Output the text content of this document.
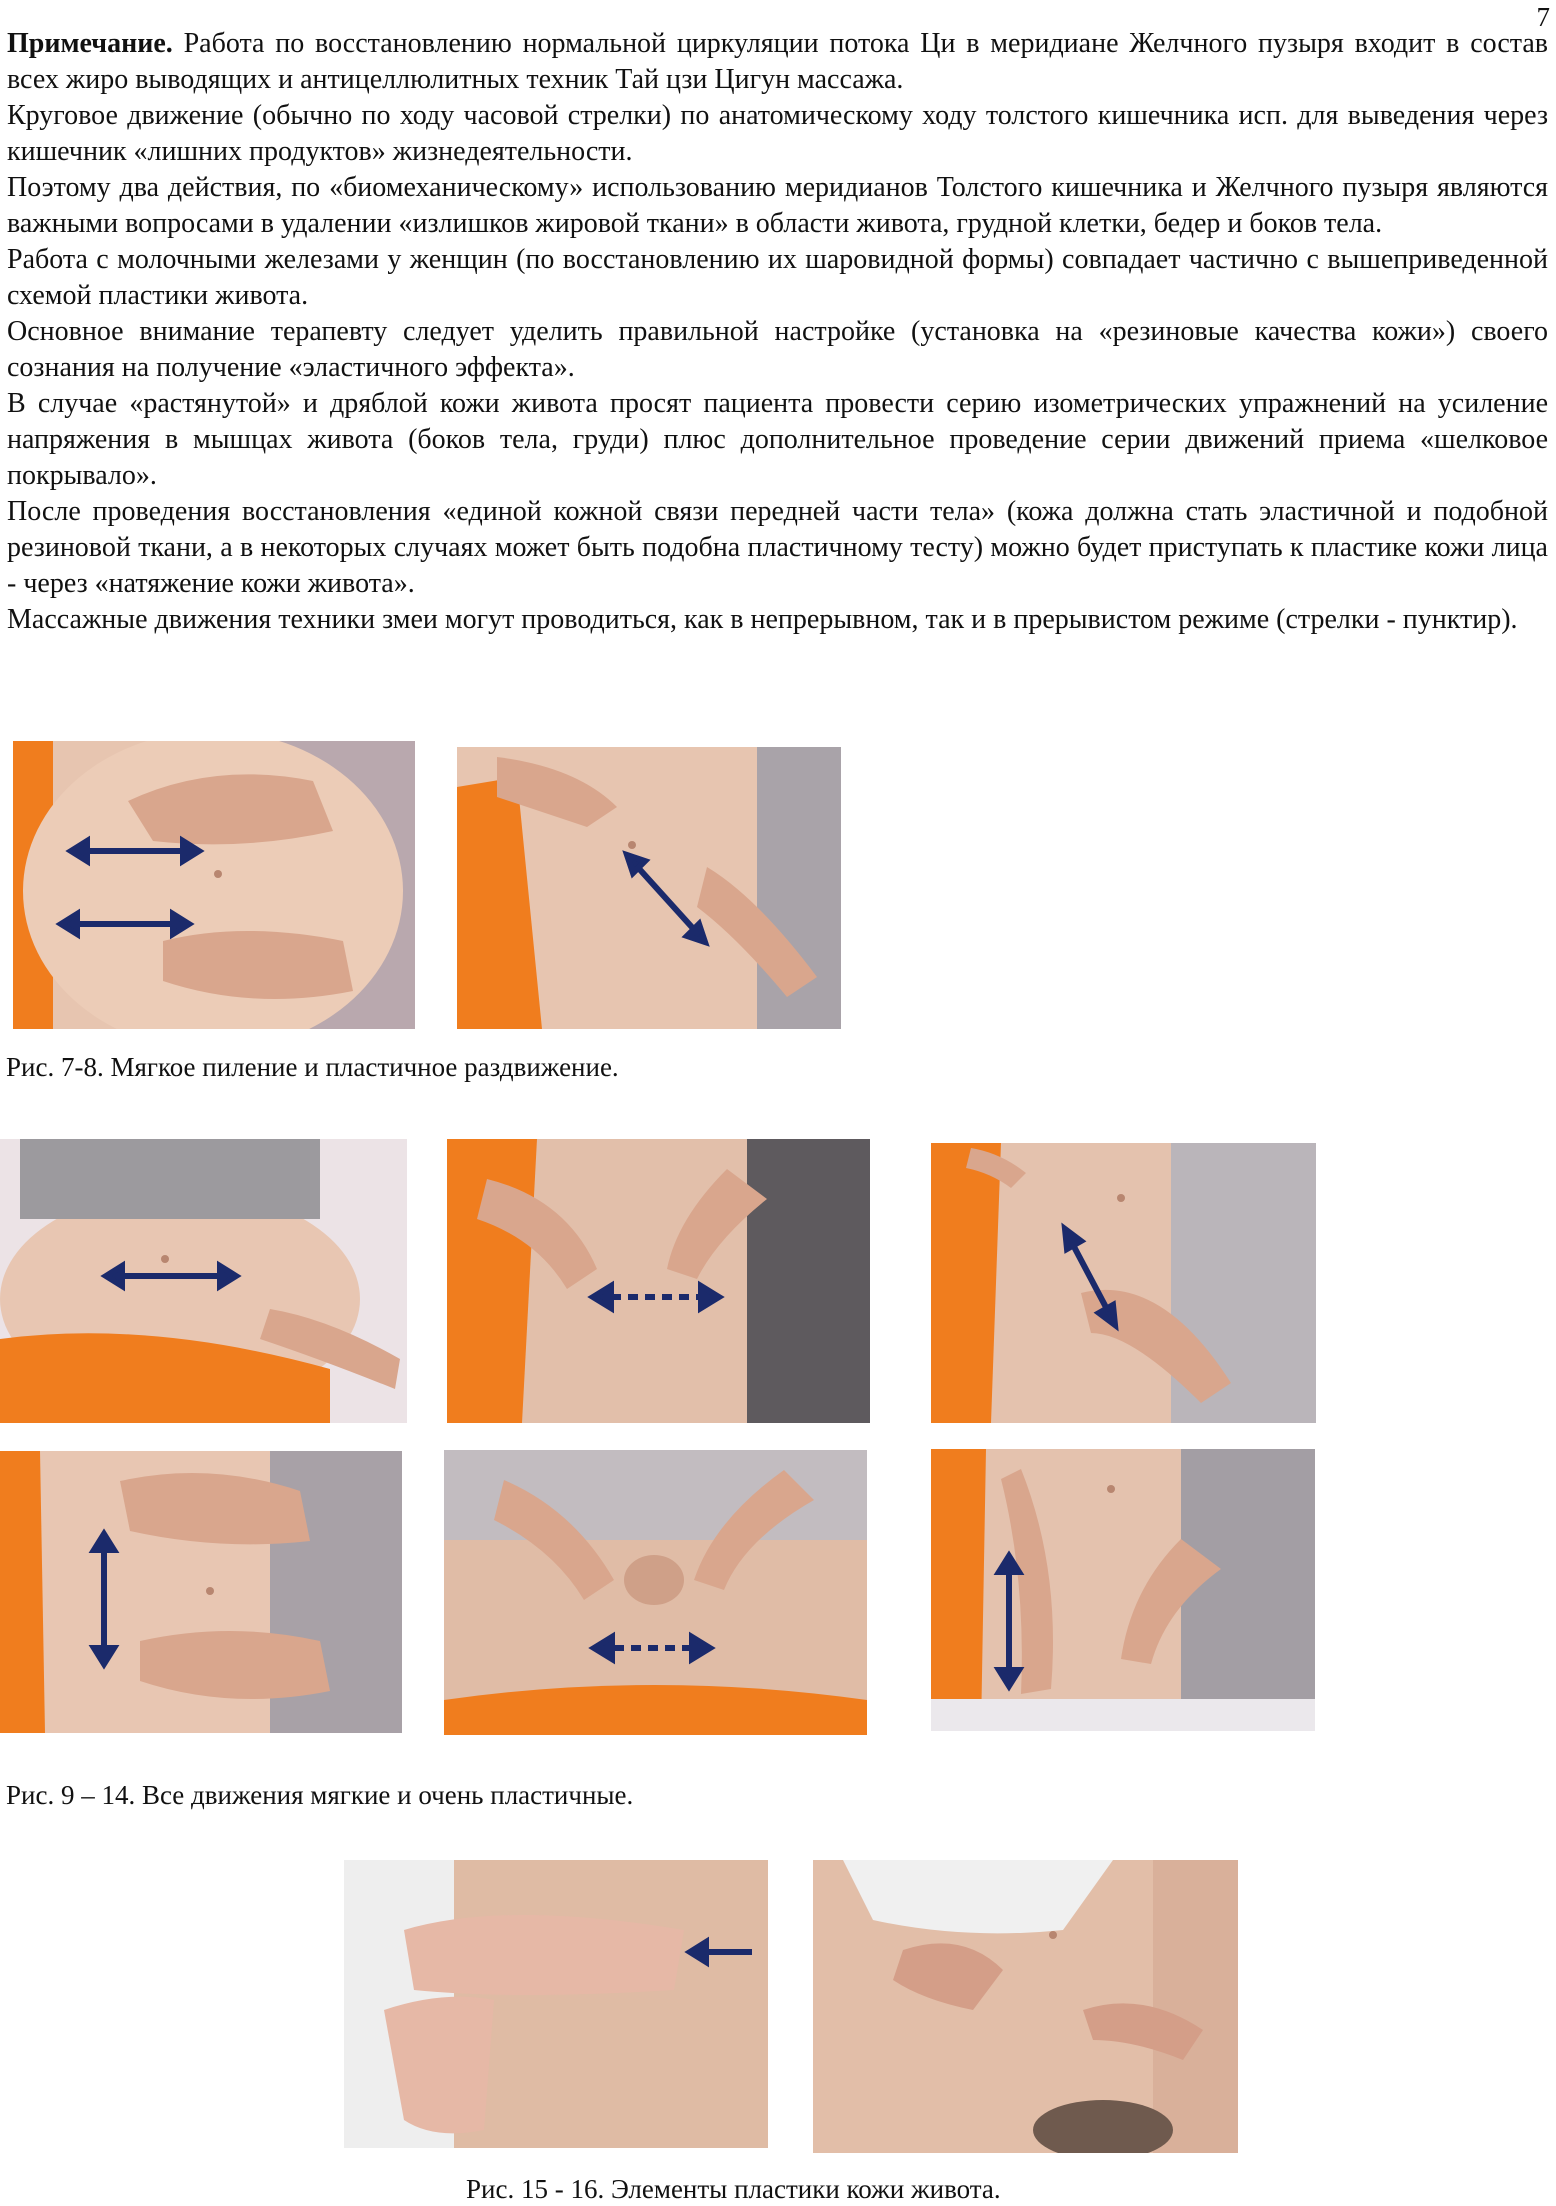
7

Примечание. Работа по восстановлению нормальной циркуляции потока Ци в меридиане Желчного пузыря входит в состав всех жиро выводящих и антицеллюлитных техник Тай цзи Цигун массажа.

Круговое движение (обычно по ходу часовой стрелки) по анатомическому ходу толстого кишечника исп. для выведения через кишечник «лишних продуктов» жизнедеятельности.

Поэтому два действия, по «биомеханическому» использованию меридианов Толстого кишечника и Желчного пузыря являются важными вопросами в удалении «излишков жировой ткани» в области живота, грудной клетки, бедер и боков тела.

Работа с молочными железами у женщин (по восстановлению их шаровидной формы) совпадает частично с вышеприведенной схемой пластики живота.

Основное внимание терапевту следует уделить правильной настройке (установка на «резиновые качества кожи») своего сознания на получение «эластичного эффекта».

В случае «растянутой» и дряблой кожи живота просят пациента провести серию изометрических упражнений на усиление напряжения в мышцах живота (боков тела, груди) плюс дополнительное проведение серии движений приема «шелковое покрывало».

После проведения восстановления «единой кожной связи передней части тела» (кожа должна стать эластичной и подобной резиновой ткани, а в некоторых случаях может быть подобна пластичному тесту) можно будет приступать к пластике кожи лица - через «натяжение кожи живота».

Массажные движения техники змеи могут проводиться, как в непрерывном, так и в прерывистом режиме (стрелки - пунктир).

Рис. 7-8. Мягкое пиление и пластичное раздвижение.
Рис. 9 – 14. Все движения мягкие и очень пластичные.
Рис. 15 - 16. Элементы пластики кожи живота.
